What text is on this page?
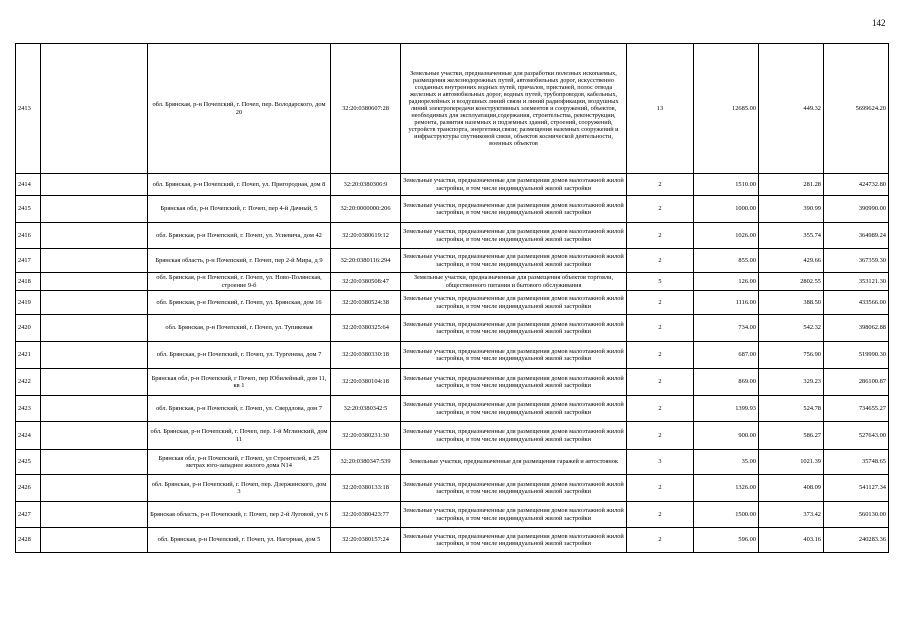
142
2413		обл. Брянская, р-н Почепский, г. Почеп, пер. Володарского, дом 20	32:20:0380607:28	Земельные участки, предназначенные для разработки полезных ископаемых, размещения железнодорожных путей, автомобильных дорог, искусственно созданных внутренних водных путей, причалов, пристаней, полос отвода железных и автомобильных дорог, водных путей, трубопроводов, кабельных, радиорелейных и воздушных линий связи и линий радиофикации, воздушных линий электропередачи конструктивных элементов и сооружений, объектов, необходимых для эксплуатации,содержания, строительства, реконструкции, ремонта, развития наземных и подземных зданий, строений, сооружений, устройств транспорта, энергетики,связи; размещения наземных сооружений и инфраструктуры спутниковой связи, объектов космической деятельности, военных объектов	13	12685.00	449.32	5699624.20
2414		обл. Брянская, р-н Почепский, г. Почеп, ул. Пригородная, дом 8	32:20:0380306:9	Земельные участки, предназначенные для размещения домов малоэтажной жилой застройки, в том числе индивидуальной жилой застройки	2	1510.00	281.28	424732.80
2415		Брянская обл, р-н Почепский, г. Почеп, пер 4-й Дачный, 5	32:20:0000000:206	Земельные участки, предназначенные для размещения домов малоэтажной жилой застройки, в том числе индивидуальной жилой застройки	2	1000.00	390.99	390990.00
2416		обл. Брянская, р-н Почепский, г. Почеп, ул. Усиевича, дом 42	32:20:0380619:12	Земельные участки, предназначенные для размещения домов малоэтажной жилой застройки, в том числе индивидуальной жилой застройки	2	1026.00	355.74	364989.24
2417		Брянская область, р-н Почепский, г. Почеп, пер 2-й Мира, д 9	32:20:0380116:294	Земельные участки, предназначенные для размещения домов малоэтажной жилой застройки, в том числе индивидуальной жилой застройки	2	855.00	429.66	367359.30
2418		обл. Брянская, р-н Почепский, г. Почеп, ул. Ново-Полянская, строение 9-б	32:20:0380508:47	Земельные участки, предназначенные для размещения объектов торговли, общественного питания и бытового обслуживания	5	126.00	2802.55	353121.30
2419		обл. Брянская, р-н Почепский, г. Почеп, ул. Брянская, дом 16	32:20:0380524:38	Земельные участки, предназначенные для размещения домов малоэтажной жилой застройки, в том числе индивидуальной жилой застройки	2	1116.00	388.50	433566.00
2420		обл. Брянская, р-н Почепский, г. Почеп, ул. Тупиковая	32:20:0380325:64	Земельные участки, предназначенные для размещения домов малоэтажной жилой застройки, в том числе индивидуальной жилой застройки	2	734.00	542.32	398062.88
2421		обл. Брянская, р-н Почепский, г. Почеп, ул. Тургенева, дом 7	32:20:0380330:18	Земельные участки, предназначенные для размещения домов малоэтажной жилой застройки, в том числе индивидуальной жилой застройки	2	687.00	756.90	519990.30
2422		Брянская обл, р-н Почепский, г Почеп, пер Юбилейный, дом 11, кв 1	32:20:0380104:18	Земельные участки, предназначенные для размещения домов малоэтажной жилой застройки, в том числе индивидуальной жилой застройки	2	869.00	329.23	286100.87
2423		обл. Брянская, р-н Почепский, г. Почеп, ул. Свердлова, дом 7	32:20:0380342:5	Земельные участки, предназначенные для размещения домов малоэтажной жилой застройки, в том числе индивидуальной жилой застройки	2	1399.93	524.78	734655.27
2424		обл. Брянская, р-н Почепский, г. Почеп, пер. 1-й Мглинский, дом 11	32:20:0380231:30	Земельные участки, предназначенные для размещения домов малоэтажной жилой застройки, в том числе индивидуальной жилой застройки	2	900.00	586.27	527643.00
2425		Брянская обл, р-н Почепский, г Почеп, ул Строителей, в 25 метрах юго-западнее жилого дома N14	32:20:0380347:539	Земельные участки, предназначенные для размещения гаражей и автостоянок	3	35.00	1021.39	35748.65
2426		обл. Брянская, р-н Почепский, г. Почеп, пер. Дзержинского, дом 3	32:20:0380133:18	Земельные участки, предназначенные для размещения домов малоэтажной жилой застройки, в том числе индивидуальной жилой застройки	2	1326.00	408.09	541127.34
2427		Брянская область, р-н Почепский, г. Почеп, пер 2-й Луговой, уч 6	32:20:0380423:77	Земельные участки, предназначенные для размещения домов малоэтажной жилой застройки, в том числе индивидуальной жилой застройки	2	1500.00	373.42	560130.00
2428		обл. Брянская, р-н Почепский, г. Почеп, ул. Нагорная, дом 5	32:20:0380157:24	Земельные участки, предназначенные для размещения домов малоэтажной жилой застройки, в том числе индивидуальной жилой застройки	2	596.00	403.16	240283.36
